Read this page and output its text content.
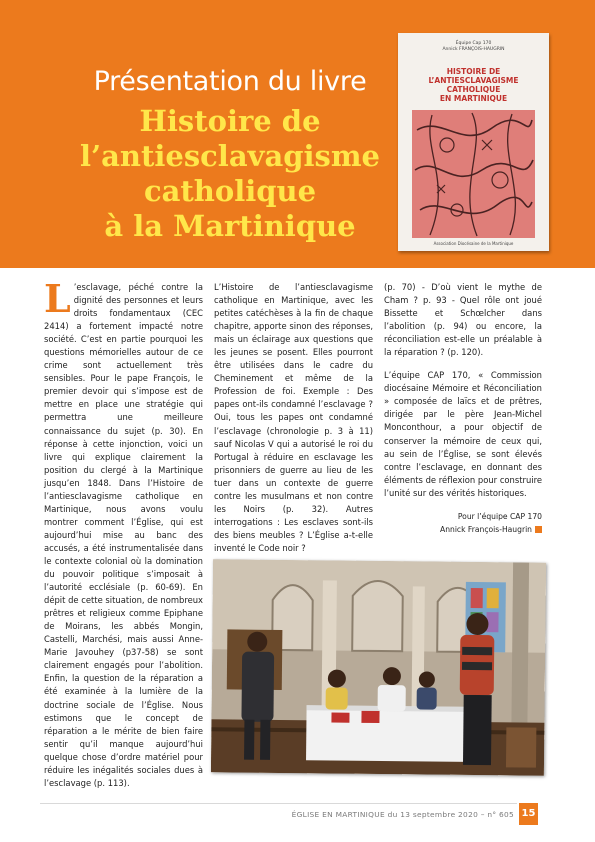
Présentation du livre
Histoire de
l’antiesclavagisme
catholique
à la Martinique
Équipe Cap 170
Annick FRANÇOIS-HAUGRIN
HISTOIRE DE
L’ANTIESCLAVAGISME CATHOLIQUE
EN MARTINIQUE
Association Diocésaine de la Martinique

L ’esclavage, péché contre la dignité des personnes et leurs droits fondamentaux (CEC 2414) a fortement impacté notre société. C’est en partie pourquoi les questions mémorielles autour de ce crime sont actuellement très sensibles. Pour le pape François, le premier devoir qui s’impose est de mettre en place une stratégie qui permettra une meilleure connaissance du sujet (p. 30). En réponse à cette injonction, voici un livre qui explique clairement la position du clergé à la Martinique jusqu’en 1848. Dans l’Histoire de l’antiesclavagisme catholique en Martinique, nous avons voulu montrer comment l’Église, qui est aujourd’hui mise au banc des accusés, a été instrumentalisée dans le contexte colonial où la domination du pouvoir politique s’imposait à l’autorité ecclésiale (p. 60-69). En dépit de cette situation, de nombreux prêtres et religieux comme Epiphane de Moirans, les abbés Mongin, Castelli, Marchési, mais aussi Anne-Marie Javouhey (p37-58) se sont clairement engagés pour l’abolition. Enfin, la question de la réparation a été examinée à la lumière de la doctrine sociale de l’Église. Nous estimons que le concept de réparation a le mérite de bien faire sentir qu’il manque aujourd’hui quelque chose d’ordre matériel pour réduire les inégalités sociales dues à l’esclavage (p. 113).

L’Histoire de l’antiesclavagisme catholique en Martinique, avec les petites catéchèses à la fin de chaque chapitre, apporte sinon des réponses, mais un éclairage aux questions que les jeunes se posent. Elles pourront être utilisées dans le cadre du Cheminement et même de la Profession de foi. Exemple : Des papes ont-ils condamné l’esclavage ? Oui, tous les papes ont condamné l’esclavage (chronologie p. 3 à 11) sauf Nicolas V qui a autorisé le roi du Portugal à réduire en esclavage les prisonniers de guerre au lieu de les tuer dans un contexte de guerre contre les musulmans et non contre les Noirs (p. 32). Autres interrogations : Les esclaves sont-ils des biens meubles ? L’Église a-t-elle inventé le Code noir ?

(p. 70) - D’où vient le mythe de Cham ? p. 93 - Quel rôle ont joué Bissette et Schœlcher dans l’abolition (p. 94) ou encore, la réconciliation est-elle un préalable à la réparation ? (p. 120).

L’équipe CAP 170, « Commission diocésaine Mémoire et Réconciliation » composée de laïcs et de prêtres, dirigée par le père Jean-Michel Monconthour, a pour objectif de conserver la mémoire de ceux qui, au sein de l’Église, se sont élevés contre l’esclavage, en donnant des éléments de réflexion pour construire l’unité sur des vérités historiques.

Pour l’équipe CAP 170
Annick François-Haugrin
ÉGLISE EN MARTINIQUE du 13 septembre 2020 – n° 605 15
